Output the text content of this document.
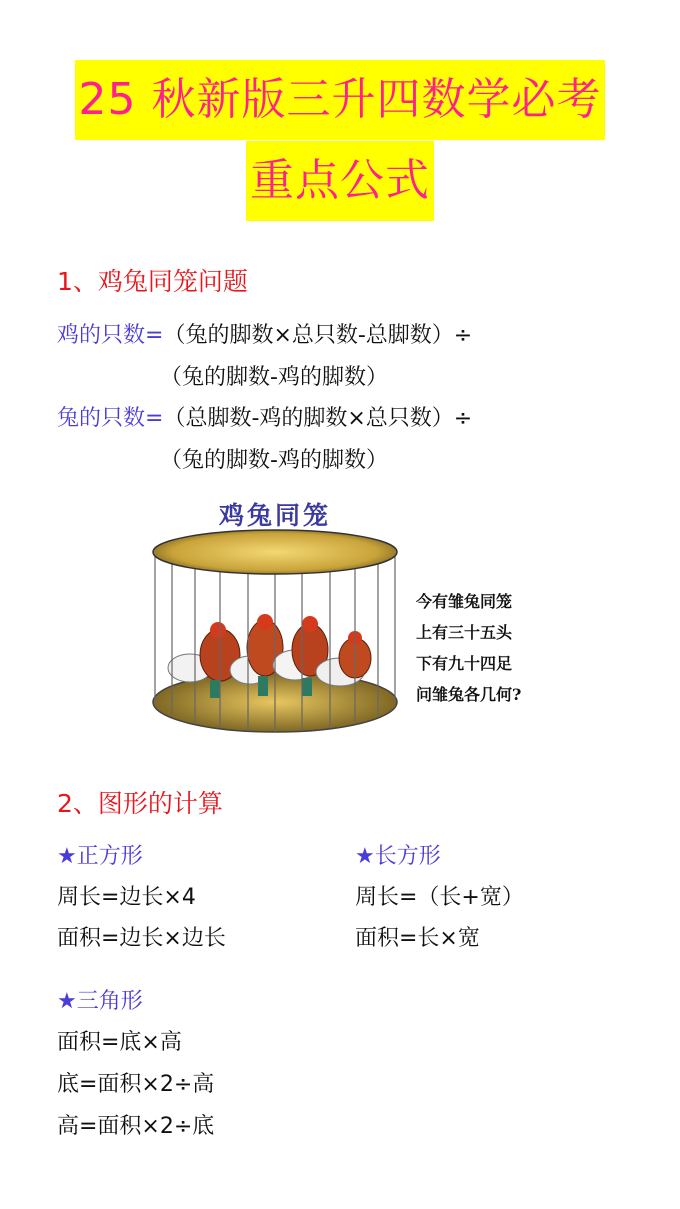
25 秋新版三升四数学必考
重点公式
1、鸡兔同笼问题
鸡的只数=（兔的脚数×总只数-总脚数）÷
（兔的脚数-鸡的脚数）
兔的只数=（总脚数-鸡的脚数×总只数）÷
（兔的脚数-鸡的脚数）
鸡兔同笼
今有雏兔同笼
上有三十五头
下有九十四足
问雏兔各几何?
2、图形的计算
★正方形
周长=边长×4
面积=边长×边长
★长方形
周长=（长+宽）
面积=长×宽
★三角形
面积=底×高
底=面积×2÷高
高=面积×2÷底
